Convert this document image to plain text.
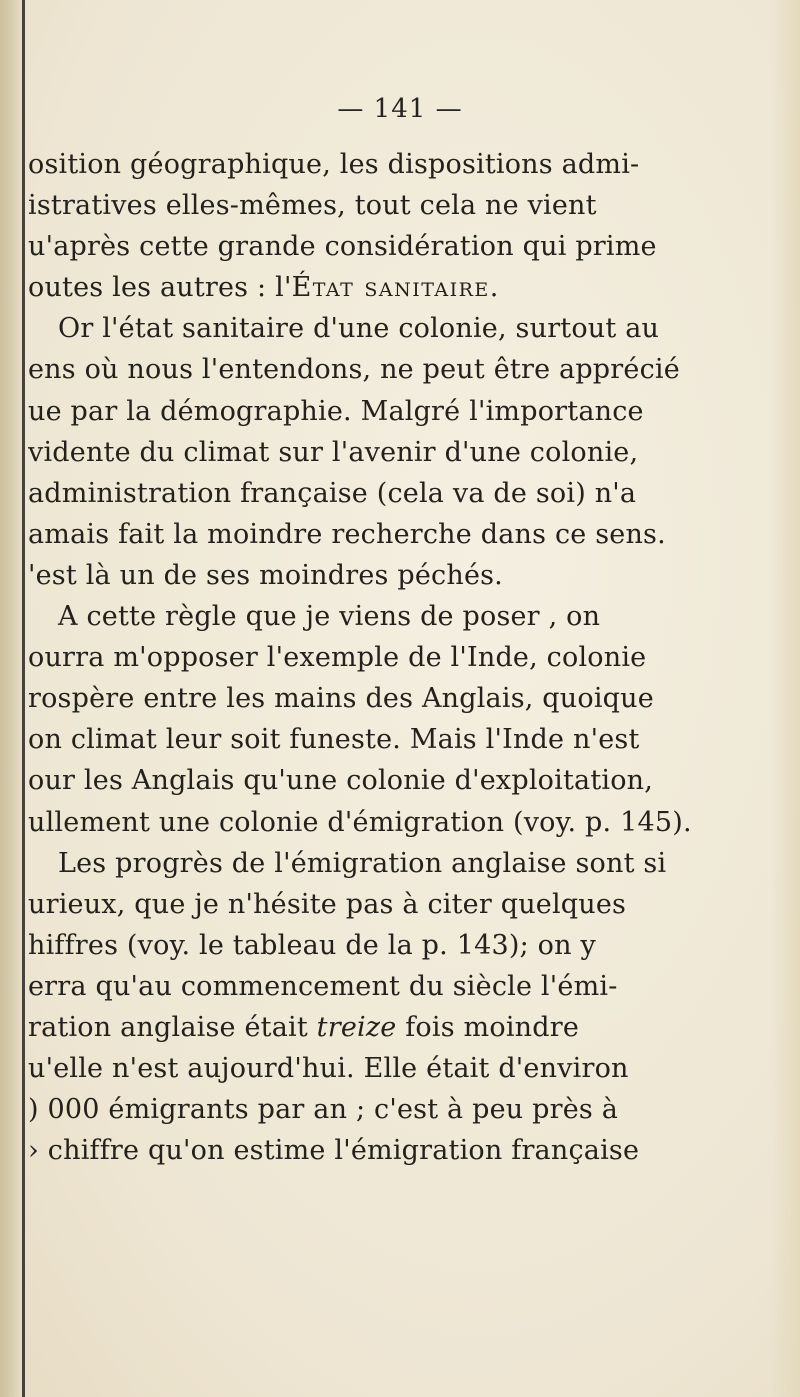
— 141 —
osition géographique, les dispositions admi-
istratives elles-mêmes, tout cela ne vient
u'après cette grande considération qui prime
outes les autres : l'État sanitaire.
Or l'état sanitaire d'une colonie, surtout au
ens où nous l'entendons, ne peut être apprécié
ue par la démographie. Malgré l'importance
vidente du climat sur l'avenir d'une colonie,
administration française (cela va de soi) n'a
amais fait la moindre recherche dans ce sens.
'est là un de ses moindres péchés.
A cette règle que je viens de poser , on
ourra m'opposer l'exemple de l'Inde, colonie
rospère entre les mains des Anglais, quoique
on climat leur soit funeste. Mais l'Inde n'est
our les Anglais qu'une colonie d'exploitation,
ullement une colonie d'émigration (voy. p. 145).
Les progrès de l'émigration anglaise sont si
urieux, que je n'hésite pas à citer quelques
hiffres (voy. le tableau de la p. 143); on y
erra qu'au commencement du siècle l'émi-
ration anglaise était treize fois moindre
u'elle n'est aujourd'hui. Elle était d'environ
) 000 émigrants par an ; c'est à peu près à
› chiffre qu'on estime l'émigration française
